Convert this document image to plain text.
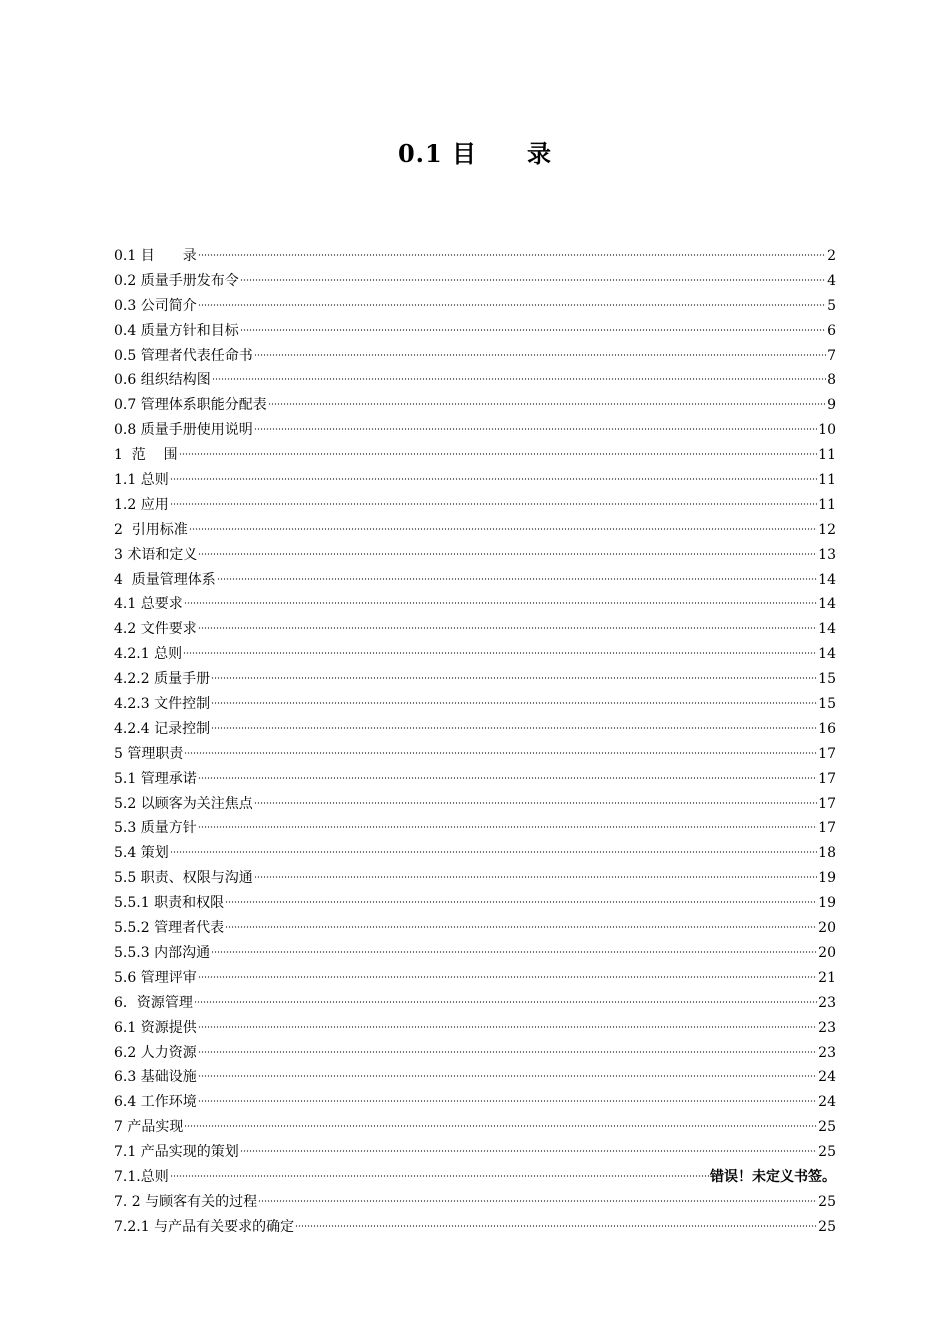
0.1 目　　录
0.1 目　　录	2
0.2 质量手册发布令	4
0.3 公司简介	5
0.4 质量方针和目标	6
0.5 管理者代表任命书	7
0.6 组织结构图	8
0.7 管理体系职能分配表	9
0.8 质量手册使用说明	10
1  范    围	11
1.1 总则	11
1.2 应用	11
2  引用标准	12
3 术语和定义	13
4  质量管理体系	14
4.1 总要求	14
4.2 文件要求	14
4.2.1 总则	14
4.2.2 质量手册	15
4.2.3 文件控制	15
4.2.4 记录控制	16
5 管理职责	17
5.1 管理承诺	17
5.2 以顾客为关注焦点	17
5.3 质量方针	17
5.4 策划	18
5.5 职责、权限与沟通	19
5.5.1 职责和权限	19
5.5.2 管理者代表	20
5.5.3 内部沟通	20
5.6 管理评审	21
6．资源管理	23
6.1 资源提供	23
6.2 人力资源	23
6.3 基础设施	24
6.4 工作环境	24
7 产品实现	25
7.1 产品实现的策划	25
7.1.总则	错误！未定义书签。
7. 2 与顾客有关的过程	25
7.2.1 与产品有关要求的确定	25
